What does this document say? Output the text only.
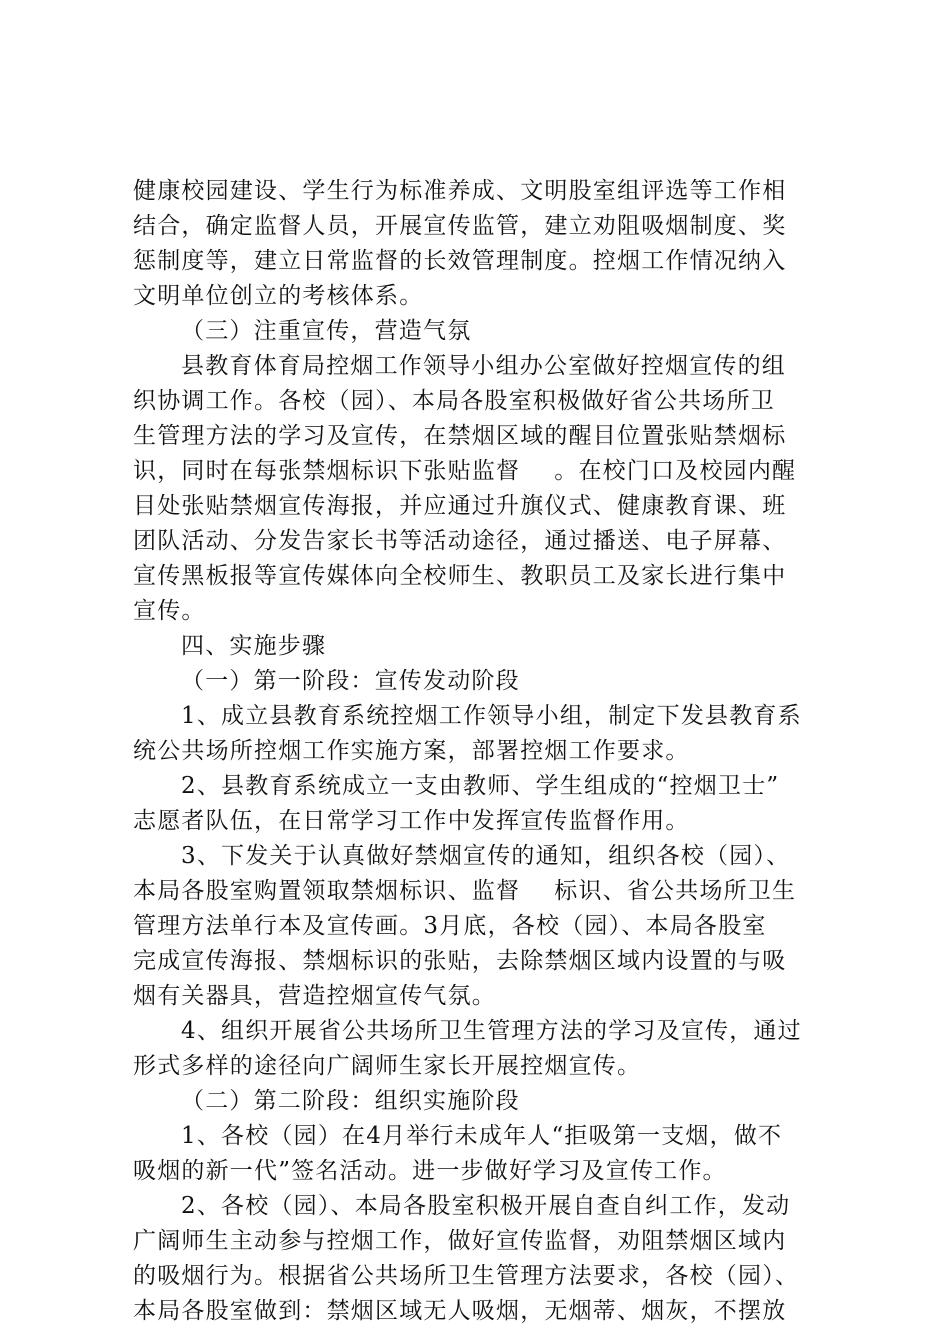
健康校园建设、学生行为标准养成、文明股室组评选等工作相
结合，确定监督人员，开展宣传监管，建立劝阻吸烟制度、奖
惩制度等，建立日常监督的长效管理制度。控烟工作情况纳入
文明单位创立的考核体系。
（三）注重宣传，营造气氛
县教育体育局控烟工作领导小组办公室做好控烟宣传的组
织协调工作。各校（园）、本局各股室积极做好省公共场所卫
生管理方法的学习及宣传，在禁烟区域的醒目位置张贴禁烟标
识，同时在每张禁烟标识下张贴监督    。在校门口及校园内醒
目处张贴禁烟宣传海报，并应通过升旗仪式、健康教育课、班
团队活动、分发告家长书等活动途径，通过播送、电子屏幕、
宣传黑板报等宣传媒体向全校师生、教职员工及家长进行集中
宣传。
四、实施步骤
（一）第一阶段：宣传发动阶段
1、成立县教育系统控烟工作领导小组，制定下发县教育系
统公共场所控烟工作实施方案，部署控烟工作要求。
2、县教育系统成立一支由教师、学生组成的“控烟卫士”
志愿者队伍，在日常学习工作中发挥宣传监督作用。
3、下发关于认真做好禁烟宣传的通知，组织各校（园）、
本局各股室购置领取禁烟标识、监督    标识、省公共场所卫生
管理方法单行本及宣传画。3月底，各校（园）、本局各股室
完成宣传海报、禁烟标识的张贴，去除禁烟区域内设置的与吸
烟有关器具，营造控烟宣传气氛。
4、组织开展省公共场所卫生管理方法的学习及宣传，通过
形式多样的途径向广阔师生家长开展控烟宣传。
（二）第二阶段：组织实施阶段
1、各校（园）在4月举行未成年人“拒吸第一支烟，做不
吸烟的新一代”签名活动。进一步做好学习及宣传工作。
2、各校（园）、本局各股室积极开展自查自纠工作，发动
广阔师生主动参与控烟工作，做好宣传监督，劝阻禁烟区域内
的吸烟行为。根据省公共场所卫生管理方法要求，各校（园）、
本局各股室做到：禁烟区域无人吸烟，无烟蒂、烟灰，不摆放
